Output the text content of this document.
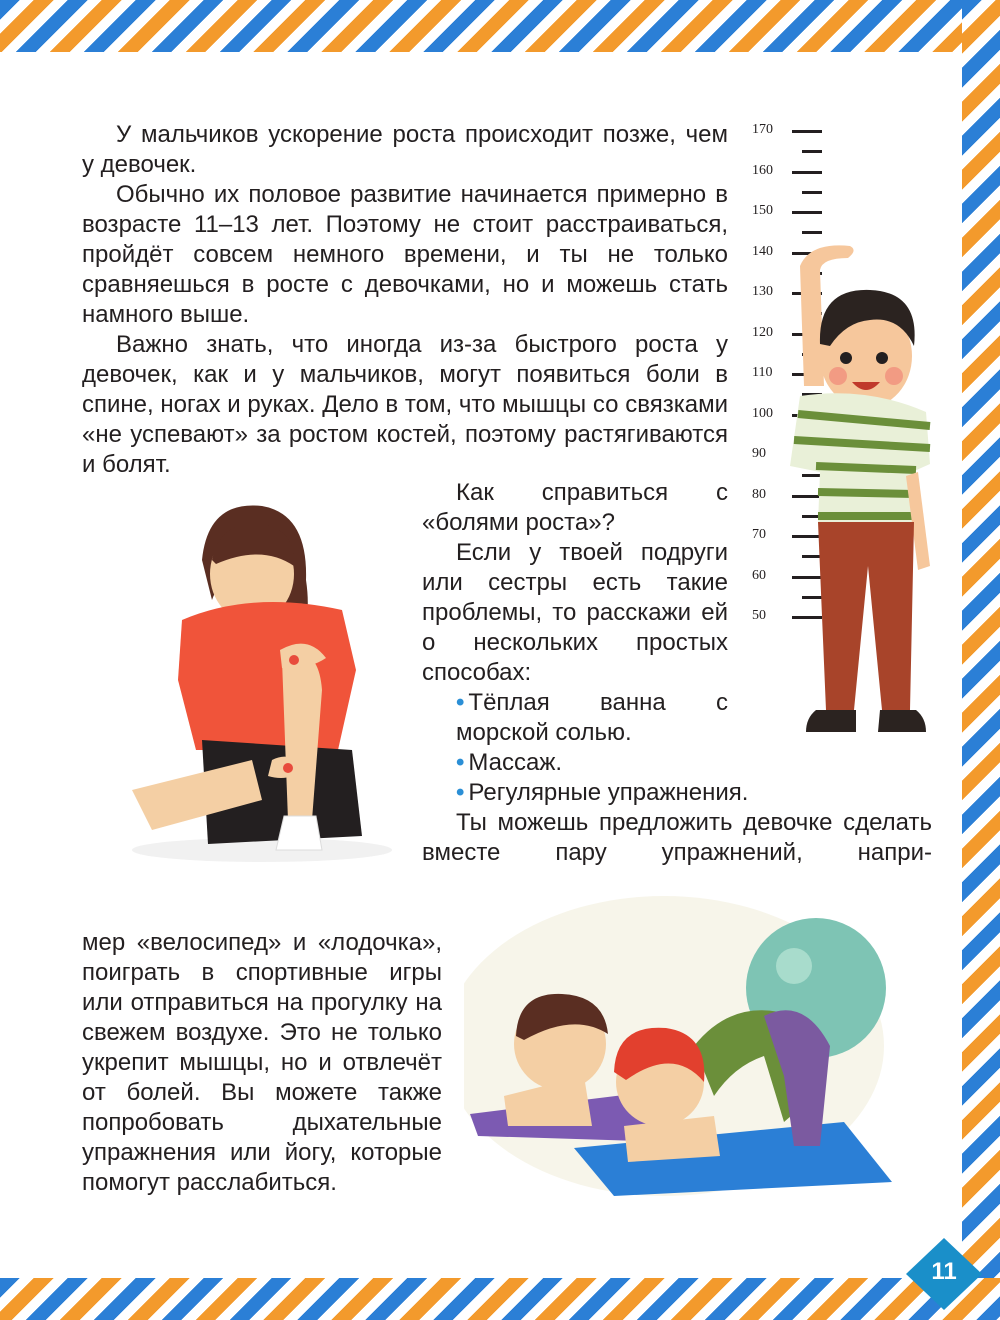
У мальчиков ускорение роста происходит позже, чем у девочек.

Обычно их половое развитие начинается примерно в возрасте 11–13 лет. Поэтому не стоит расстраиваться, пройдёт совсем немного времени, и ты не только сравняешься в росте с девочками, но и можешь стать намного выше.

Важно знать, что иногда из-за быстрого роста у девочек, как и у мальчиков, могут появиться боли в спине, ногах и руках. Дело в том, что мышцы со связками «не успевают» за ростом костей, поэтому растягиваются и болят.

Как справиться с «болями роста»?

Если у твоей подруги или сестры есть такие проблемы, то расскажи ей о нескольких простых способах:

• Тёплая ванна с морской солью.

• Массаж.

• Регулярные упражнения.

Ты можешь предложить девочке сделать вместе пару упражнений, напри-

мер «велосипед» и «лодочка», поиграть в спортивные игры или отправиться на прогулку на свежем воздухе. Это не только укрепит мышцы, но и отвлечёт от болей. Вы можете также попробовать дыхательные упражнения или йогу, которые помогут расслабиться.

170
160
150
140
130
120
110
100
90
80
70
60
50
11
